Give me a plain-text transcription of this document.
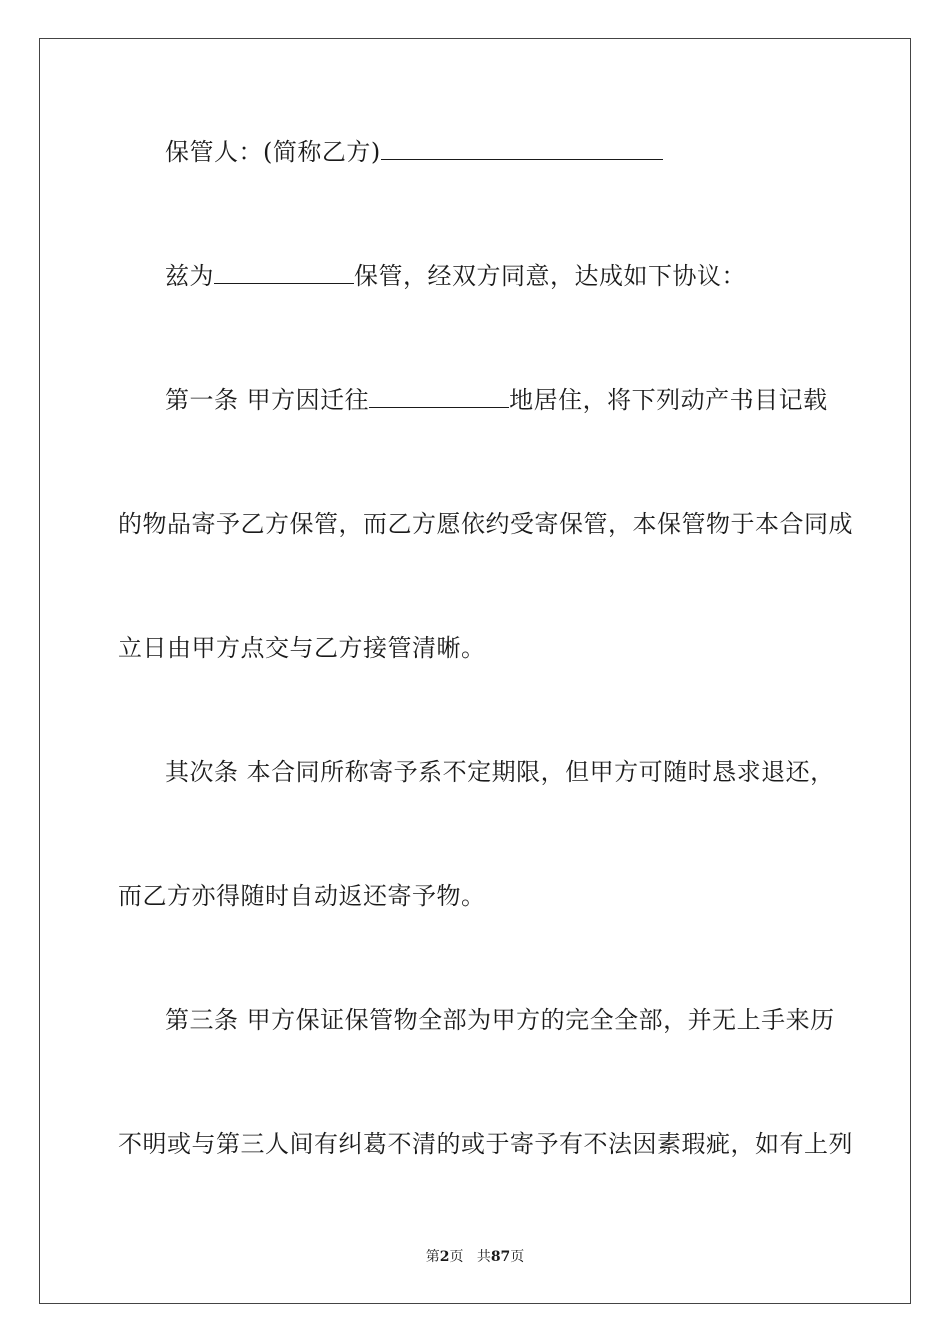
保管人：(简称乙方)
兹为	保管，经双方同意，达成如下协议：
第一条 甲方因迁往	地居住，将下列动产书目记载
的物品寄予乙方保管，而乙方愿依约受寄保管，本保管物于本合同成
立日由甲方点交与乙方接管清晰。
其次条 本合同所称寄予系不定期限，但甲方可随时恳求退还，
而乙方亦得随时自动返还寄予物。
第三条 甲方保证保管物全部为甲方的完全全部，并无上手来历
不明或与第三人间有纠葛不清的或于寄予有不法因素瑕疵，如有上列
第2页 共87页
